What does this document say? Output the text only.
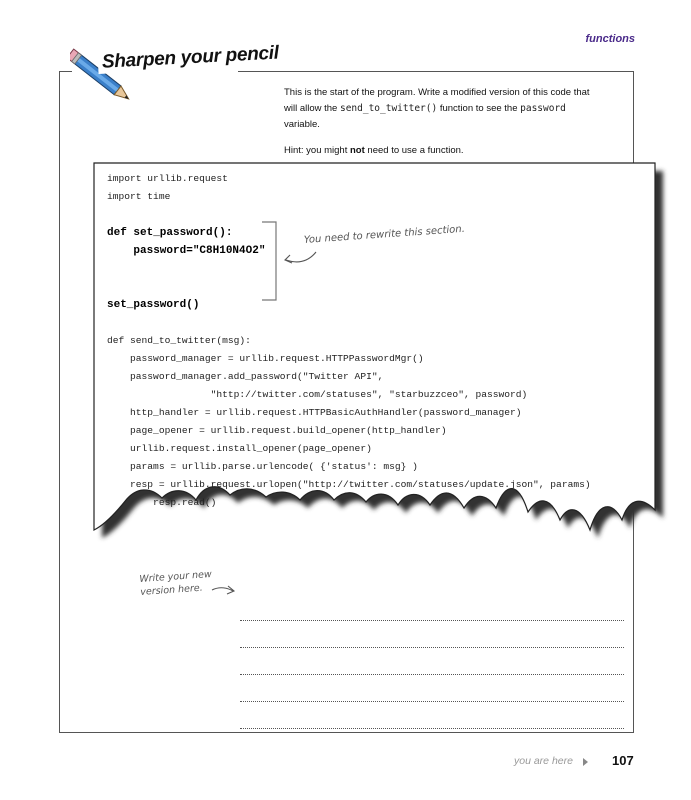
functions
Sharpen your pencil

This is the start of the program. Write a modified version of this code that will allow the send_to_twitter() function to see the password variable.

Hint: you might not need to use a function.

import urllib.request
import time
def set_password():
password="C8H10N4O2"
set_password()
def send_to_twitter(msg):
password_manager = urllib.request.HTTPPasswordMgr()
password_manager.add_password("Twitter API",
"http://twitter.com/statuses", "starbuzzceo", password)
http_handler = urllib.request.HTTPBasicAuthHandler(password_manager)
page_opener = urllib.request.build_opener(http_handler)
urllib.request.install_opener(page_opener)
params = urllib.parse.urlencode( {'status': msg} )
resp = urllib.request.urlopen("http://twitter.com/statuses/update.json", params)
resp.read()
You need to rewrite this section.
Write your new version here.
you are here	107
